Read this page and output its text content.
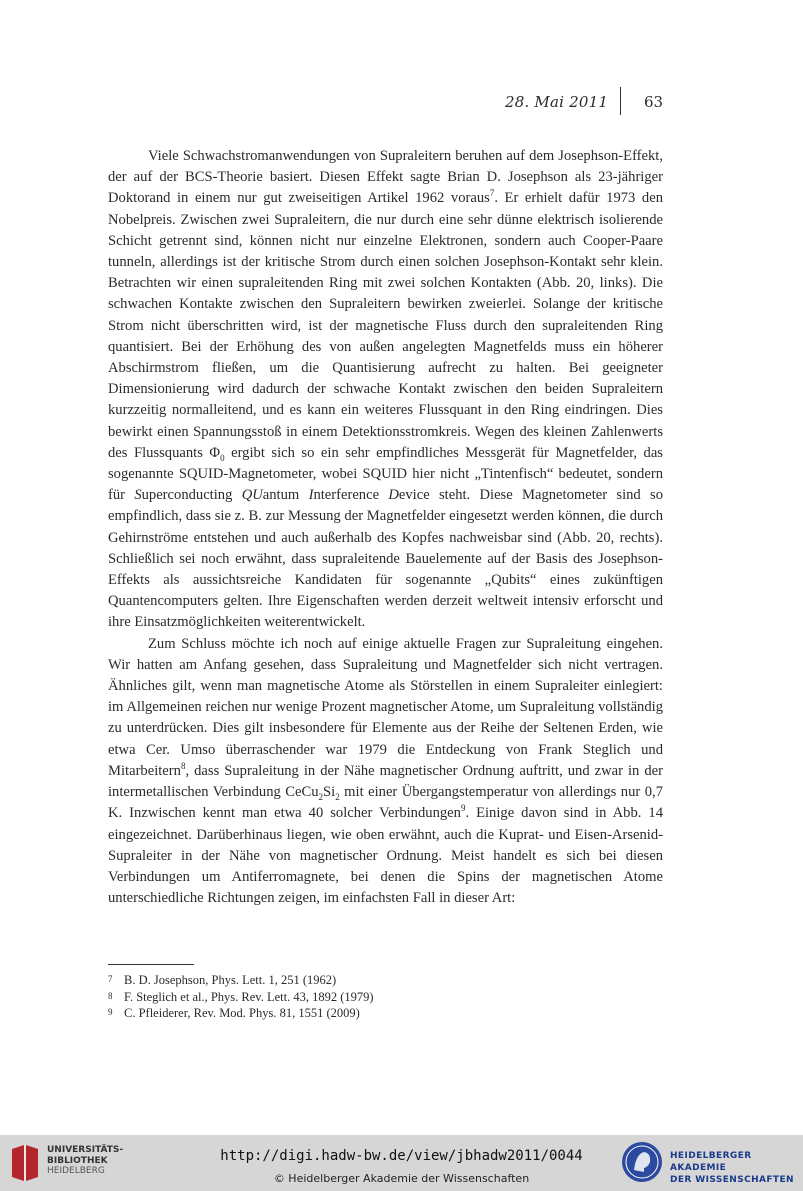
28. Mai 2011 63

Viele Schwachstromanwendungen von Supraleitern beruhen auf dem Josephson-Effekt, der auf der BCS-Theorie basiert. Diesen Effekt sagte Brian D. Josephson als 23-jähriger Doktorand in einem nur gut zweiseitigen Artikel 1962 voraus$^7$. Er erhielt dafür 1973 den Nobelpreis. Zwischen zwei Supraleitern, die nur durch eine sehr dünne elektrisch isolierende Schicht getrennt sind, können nicht nur einzelne Elektronen, sondern auch Cooper-Paare tunneln, allerdings ist der kritische Strom durch einen solchen Josephson-Kontakt sehr klein. Betrachten wir einen supraleitenden Ring mit zwei solchen Kontakten (Abb. 20, links). Die schwachen Kontakte zwischen den Supraleitern bewirken zweierlei. Solange der kritische Strom nicht überschritten wird, ist der magnetische Fluss durch den supraleitenden Ring quantisiert. Bei der Erhöhung des von außen angelegten Magnetfelds muss ein höherer Abschirmstrom fließen, um die Quantisierung aufrecht zu halten. Bei geeigneter Dimensionierung wird dadurch der schwache Kontakt zwischen den beiden Supraleitern kurzzeitig normalleitend, und es kann ein weiteres Flussquant in den Ring eindringen. Dies bewirkt einen Spannungsstoß in einem Detektionsstromkreis. Wegen des kleinen Zahlenwerts des Flussquants $\Phi_0$ ergibt sich so ein sehr empfindliches Messgerät für Magnetfelder, das sogenannte SQUID-Magnetometer, wobei SQUID hier nicht „Tintenfisch“ bedeutet, sondern für Superconducting QUantum Interference Device steht. Diese Magnetometer sind so empfindlich, dass sie z. B. zur Messung der Magnetfelder eingesetzt werden können, die durch Gehirnströme entstehen und auch außerhalb des Kopfes nachweisbar sind (Abb. 20, rechts). Schließlich sei noch erwähnt, dass supraleitende Bauelemente auf der Basis des Josephson-Effekts als aussichtsreiche Kandidaten für sogenannte „Qubits“ eines zukünftigen Quantencomputers gelten. Ihre Eigenschaften werden derzeit weltweit intensiv erforscht und ihre Einsatzmöglichkeiten weiterentwickelt.

Zum Schluss möchte ich noch auf einige aktuelle Fragen zur Supraleitung eingehen. Wir hatten am Anfang gesehen, dass Supraleitung und Magnetfelder sich nicht vertragen. Ähnliches gilt, wenn man magnetische Atome als Störstellen in einem Supraleiter einlegiert: im Allgemeinen reichen nur wenige Prozent magnetischer Atome, um Supraleitung vollständig zu unterdrücken. Dies gilt insbesondere für Elemente aus der Reihe der Seltenen Erden, wie etwa Cer. Umso überraschender war 1979 die Entdeckung von Frank Steglich und Mitarbeitern$^8$, dass Supraleitung in der Nähe magnetischer Ordnung auftritt, und zwar in der intermetallischen Verbindung $CeCu_2Si_2$ mit einer Übergangstemperatur von allerdings nur 0,7 K. Inzwischen kennt man etwa 40 solcher Verbindungen$^9$. Einige davon sind in Abb. 14 eingezeichnet. Darüberhinaus liegen, wie oben erwähnt, auch die Kuprat- und Eisen-Arsenid-Supraleiter in der Nähe von magnetischer Ordnung. Meist handelt es sich bei diesen Verbindungen um Antiferromagnete, bei denen die Spins der magnetischen Atome unterschiedliche Richtungen zeigen, im einfachsten Fall in dieser Art:

7 B. D. Josephson, Phys. Lett. 1, 251 (1962)
8 F. Steglich et al., Phys. Rev. Lett. 43, 1892 (1979)
9 C. Pfleiderer, Rev. Mod. Phys. 81, 1551 (2009)
UNIVERSITÄTS-
BIBLIOTHEK
HEIDELBERG
http://digi.hadw-bw.de/view/jbhadw2011/0044
© Heidelberger Akademie der Wissenschaften
HEIDELBERGER AKADEMIE
DER WISSENSCHAFTEN
